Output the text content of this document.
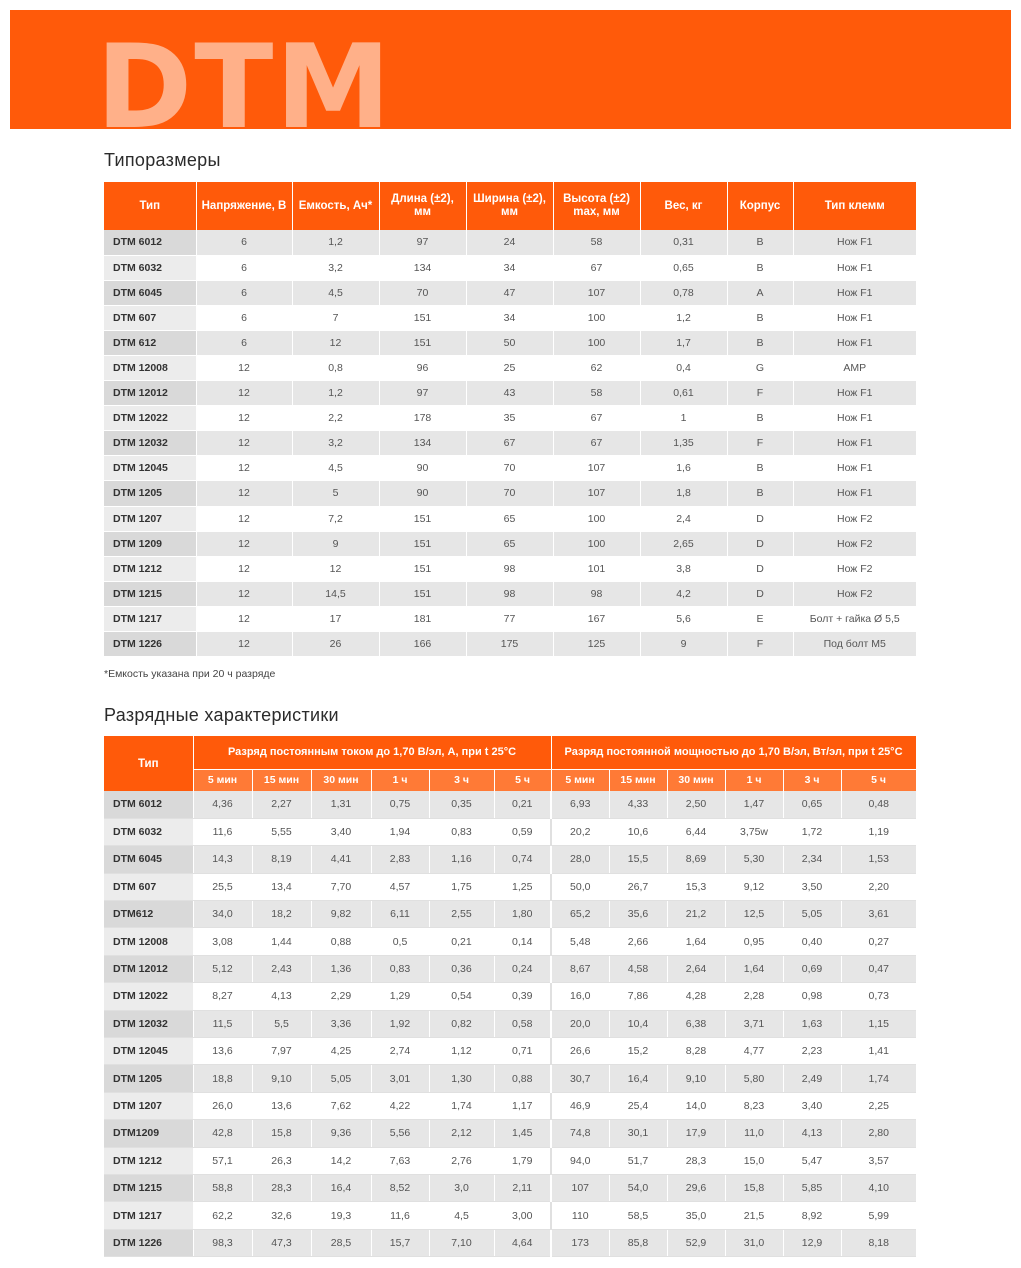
DTM
Типоразмеры
Тип	Напряжение, В	Емкость, Ач*	Длина (±2), мм	Ширина (±2), мм	Высота (±2) max, мм	Вес, кг	Корпус	Тип клемм
DTM 6012	6	1,2	97	24	58	0,31	B	Нож F1
DTM 6032	6	3,2	134	34	67	0,65	B	Нож F1
DTM 6045	6	4,5	70	47	107	0,78	A	Нож F1
DTM 607	6	7	151	34	100	1,2	B	Нож F1
DTM 612	6	12	151	50	100	1,7	B	Нож F1
DTM 12008	12	0,8	96	25	62	0,4	G	AMP
DTM 12012	12	1,2	97	43	58	0,61	F	Нож F1
DTM 12022	12	2,2	178	35	67	1	B	Нож F1
DTM 12032	12	3,2	134	67	67	1,35	F	Нож F1
DTM 12045	12	4,5	90	70	107	1,6	B	Нож F1
DTM 1205	12	5	90	70	107	1,8	B	Нож F1
DTM 1207	12	7,2	151	65	100	2,4	D	Нож F2
DTM 1209	12	9	151	65	100	2,65	D	Нож F2
DTM 1212	12	12	151	98	101	3,8	D	Нож F2
DTM 1215	12	14,5	151	98	98	4,2	D	Нож F2
DTM 1217	12	17	181	77	167	5,6	E	Болт + гайка Ø 5,5
DTM 1226	12	26	166	175	125	9	F	Под болт М5
*Емкость указана при 20 ч разряде
Разрядные характеристики
Тип	Разряд постоянным током до 1,70 В/эл, А, при t 25°С						Разряд постоянной мощностью до 1,70 В/эл, Вт/эл, при t 25°С					
	5 мин	15 мин	30 мин	1 ч	3 ч	5 ч	5 мин	15 мин	30 мин	1 ч	3 ч	5 ч
DTM 6012	4,36	2,27	1,31	0,75	0,35	0,21	6,93	4,33	2,50	1,47	0,65	0,48
DTM 6032	11,6	5,55	3,40	1,94	0,83	0,59	20,2	10,6	6,44	3,75w	1,72	1,19
DTM 6045	14,3	8,19	4,41	2,83	1,16	0,74	28,0	15,5	8,69	5,30	2,34	1,53
DTM 607	25,5	13,4	7,70	4,57	1,75	1,25	50,0	26,7	15,3	9,12	3,50	2,20
DTM612	34,0	18,2	9,82	6,11	2,55	1,80	65,2	35,6	21,2	12,5	5,05	3,61
DTM 12008	3,08	1,44	0,88	0,5	0,21	0,14	5,48	2,66	1,64	0,95	0,40	0,27
DTM 12012	5,12	2,43	1,36	0,83	0,36	0,24	8,67	4,58	2,64	1,64	0,69	0,47
DTM 12022	8,27	4,13	2,29	1,29	0,54	0,39	16,0	7,86	4,28	2,28	0,98	0,73
DTM 12032	11,5	5,5	3,36	1,92	0,82	0,58	20,0	10,4	6,38	3,71	1,63	1,15
DTM 12045	13,6	7,97	4,25	2,74	1,12	0,71	26,6	15,2	8,28	4,77	2,23	1,41
DTM 1205	18,8	9,10	5,05	3,01	1,30	0,88	30,7	16,4	9,10	5,80	2,49	1,74
DTM 1207	26,0	13,6	7,62	4,22	1,74	1,17	46,9	25,4	14,0	8,23	3,40	2,25
DTM1209	42,8	15,8	9,36	5,56	2,12	1,45	74,8	30,1	17,9	11,0	4,13	2,80
DTM 1212	57,1	26,3	14,2	7,63	2,76	1,79	94,0	51,7	28,3	15,0	5,47	3,57
DTM 1215	58,8	28,3	16,4	8,52	3,0	2,11	107	54,0	29,6	15,8	5,85	4,10
DTM 1217	62,2	32,6	19,3	11,6	4,5	3,00	110	58,5	35,0	21,5	8,92	5,99
DTM 1226	98,3	47,3	28,5	15,7	7,10	4,64	173	85,8	52,9	31,0	12,9	8,18
